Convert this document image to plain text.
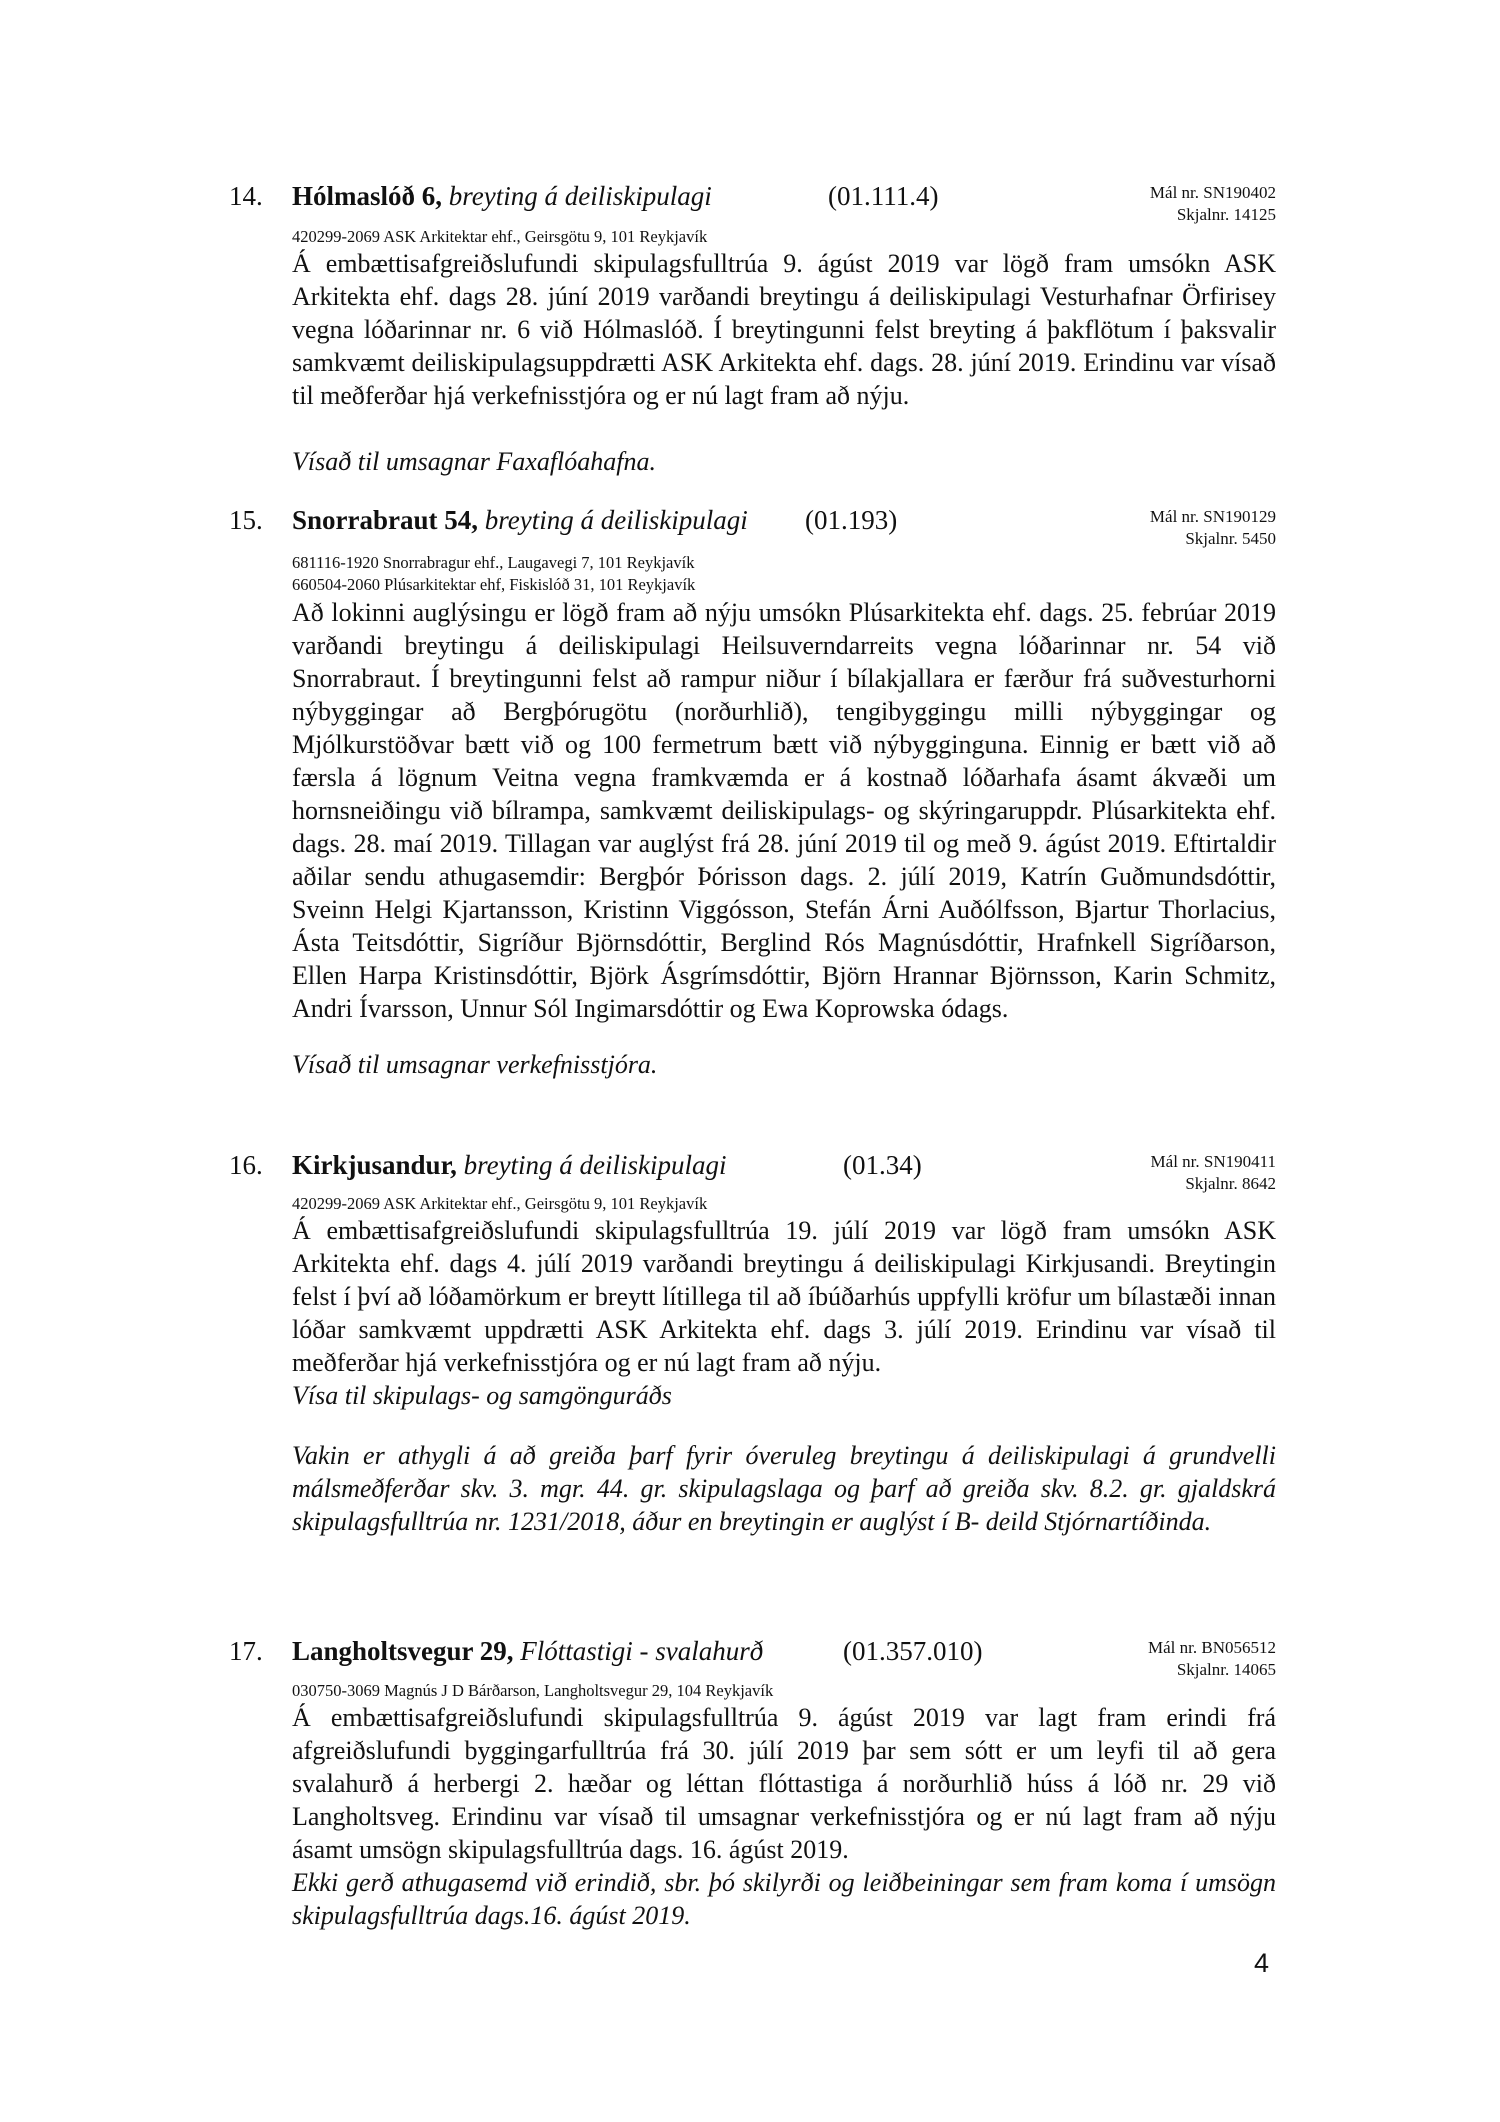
14. Hólmaslóð 6, breyting á deiliskipulagi	(01.111.4)	Mál nr. SN190402
Skjalnr. 14125
420299-2069 ASK Arkitektar ehf., Geirsgötu 9, 101 Reykjavík
Á embættisafgreiðslufundi skipulagsfulltrúa 9. ágúst 2019 var lögð fram umsókn ASK Arkitekta ehf. dags 28. júní 2019 varðandi breytingu á deiliskipulagi Vesturhafnar Örfirisey vegna lóðarinnar nr. 6 við Hólmaslóð. Í breytingunni felst breyting á þakflötum í þaksvalir samkvæmt deiliskipulagsuppdrætti ASK Arkitekta ehf. dags. 28. júní 2019. Erindinu var vísað til meðferðar hjá verkefnisstjóra og er nú lagt fram að nýju.
Vísað til umsagnar Faxaflóahafna.
15. Snorrabraut 54, breyting á deiliskipulagi (01.193)	Mál nr. SN190129
Skjalnr. 5450
681116-1920 Snorrabragur ehf., Laugavegi 7, 101 Reykjavík
660504-2060 Plúsarkitektar ehf, Fiskislóð 31, 101 Reykjavík
Að lokinni auglýsingu er lögð fram að nýju umsókn Plúsarkitekta ehf. dags. 25. febrúar 2019 varðandi breytingu á deiliskipulagi Heilsuverndarreits vegna lóðarinnar nr. 54 við Snorrabraut. Í breytingunni felst að rampur niður í bílakjallara er færður frá suðvesturhorni nýbyggingar að Bergþórugötu (norðurhlið), tengibyggingu milli nýbyggingar og Mjólkurstöðvar bætt við og 100 fermetrum bætt við nýbygginguna. Einnig er bætt við að færsla á lögnum Veitna vegna framkvæmda er á kostnað lóðarhafa ásamt ákvæði um hornsneiðingu við bílrampa, samkvæmt deiliskipulags- og skýringaruppdr. Plúsarkitekta ehf. dags. 28. maí 2019. Tillagan var auglýst frá 28. júní 2019 til og með 9. ágúst 2019. Eftirtaldir aðilar sendu athugasemdir: Bergþór Þórisson dags. 2. júlí 2019, Katrín Guðmundsdóttir, Sveinn Helgi Kjartansson, Kristinn Viggósson, Stefán Árni Auðólfsson, Bjartur Thorlacius, Ásta Teitsdóttir, Sigríður Björnsdóttir, Berglind Rós Magnúsdóttir, Hrafnkell Sigríðarson, Ellen Harpa Kristinsdóttir, Björk Ásgrímsdóttir, Björn Hrannar Björnsson, Karin Schmitz, Andri Ívarsson, Unnur Sól Ingimarsdóttir og Ewa Koprowska ódags.
Vísað til umsagnar verkefnisstjóra.
16. Kirkjusandur, breyting á deiliskipulagi	(01.34)	Mál nr. SN190411
Skjalnr. 8642
420299-2069 ASK Arkitektar ehf., Geirsgötu 9, 101 Reykjavík
Á embættisafgreiðslufundi skipulagsfulltrúa 19. júlí 2019 var lögð fram umsókn ASK Arkitekta ehf. dags 4. júlí 2019 varðandi breytingu á deiliskipulagi Kirkjusandi. Breytingin felst í því að lóðamörkum er breytt lítillega til að íbúðarhús uppfylli kröfur um bílastæði innan lóðar samkvæmt uppdrætti ASK Arkitekta ehf. dags 3. júlí 2019. Erindinu var vísað til meðferðar hjá verkefnisstjóra og er nú lagt fram að nýju.
Vísa til skipulags- og samgönguráðs
Vakin er athygli á að greiða þarf fyrir óveruleg breytingu á deiliskipulagi á grundvelli málsmeðferðar skv. 3. mgr. 44. gr. skipulagslaga og þarf að greiða skv. 8.2. gr. gjaldskrá skipulagsfulltrúa nr. 1231/2018, áður en breytingin er auglýst í B- deild Stjórnartíðinda.
17. Langholtsvegur 29, Flóttastigi - svalahurð	(01.357.010)	Mál nr. BN056512
Skjalnr. 14065
030750-3069 Magnús J D Bárðarson, Langholtsvegur 29, 104 Reykjavík
Á embættisafgreiðslufundi skipulagsfulltrúa 9. ágúst 2019 var lagt fram erindi frá afgreiðslufundi byggingarfulltrúa frá 30. júlí 2019 þar sem sótt er um leyfi til að gera svalahurð á herbergi 2. hæðar og léttan flóttastiga á norðurhlið húss á lóð nr. 29 við Langholtsveg. Erindinu var vísað til umsagnar verkefnisstjóra og er nú lagt fram að nýju ásamt umsögn skipulagsfulltrúa dags. 16. ágúst 2019.
Ekki gerð athugasemd við erindið, sbr. þó skilyrði og leiðbeiningar sem fram koma í umsögn skipulagsfulltrúa dags.16. ágúst 2019.
4
